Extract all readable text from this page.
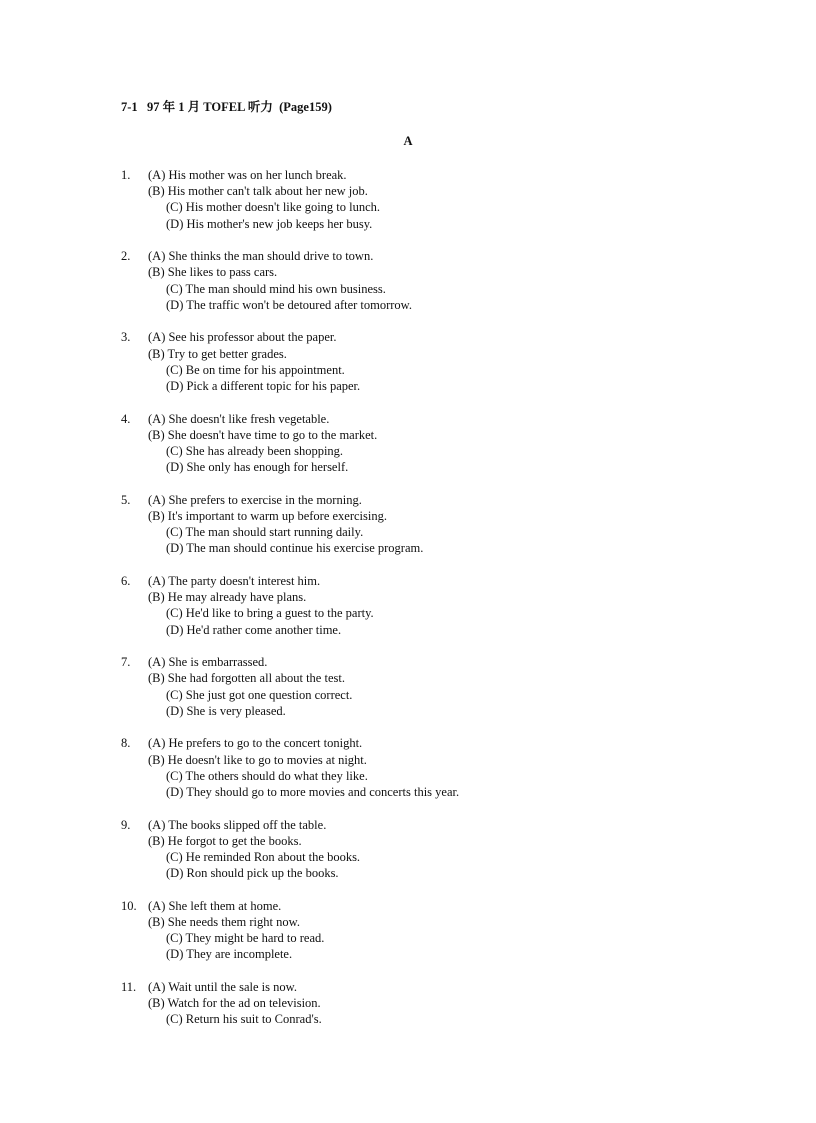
7-1 97 年 1 月 TOFEL 听力  (Page159)
A
1. (A) His mother was on her lunch break.
(B) His mother can't talk about her new job.
(C) His mother doesn't like going to lunch.
(D) His mother's new job keeps her busy.
2. (A) She thinks the man should drive to town.
(B) She likes to pass cars.
(C) The man should mind his own business.
(D) The traffic won't be detoured after tomorrow.
3. (A) See his professor about the paper.
(B) Try to get better grades.
(C) Be on time for his appointment.
(D) Pick a different topic for his paper.
4. (A) She doesn't like fresh vegetable.
(B) She doesn't have time to go to the market.
(C) She has already been shopping.
(D) She only has enough for herself.
5. (A) She prefers to exercise in the morning.
(B) It's important to warm up before exercising.
(C) The man should start running daily.
(D) The man should continue his exercise program.
6. (A) The party doesn't interest him.
(B) He may already have plans.
(C) He'd like to bring a guest to the party.
(D) He'd rather come another time.
7. (A) She is embarrassed.
(B) She had forgotten all about the test.
(C) She just got one question correct.
(D) She is very pleased.
8. (A) He prefers to go to the concert tonight.
(B) He doesn't like to go to movies at night.
(C) The others should do what they like.
(D) They should go to more movies and concerts this year.
9. (A) The books slipped off the table.
(B) He forgot to get the books.
(C) He reminded Ron about the books.
(D) Ron should pick up the books.
10. (A) She left them at home.
(B) She needs them right now.
(C) They might be hard to read.
(D) They are incomplete.
11. (A) Wait until the sale is now.
(B) Watch for the ad on television.
(C) Return his suit to Conrad's.
